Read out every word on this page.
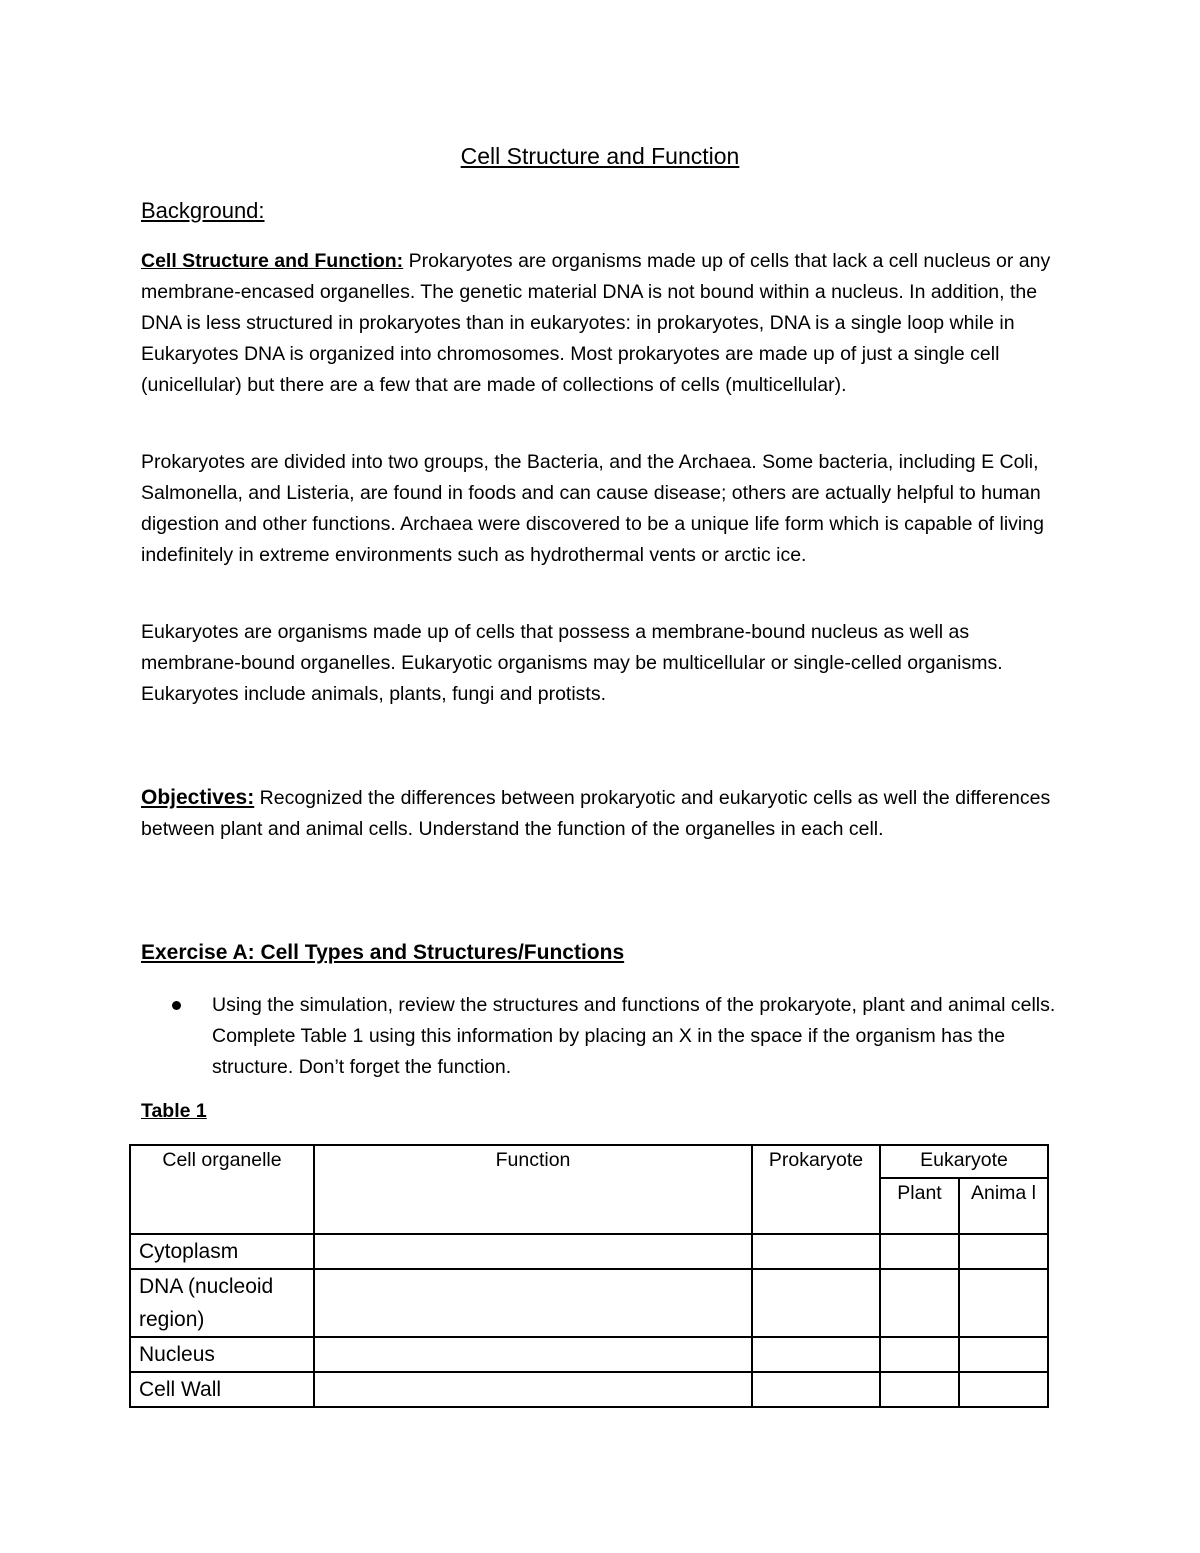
Cell Structure and Function
Background:

Cell Structure and Function: Prokaryotes are organisms made up of cells that lack a cell nucleus or any membrane-encased organelles. The genetic material DNA is not bound within a nucleus. In addition, the DNA is less structured in prokaryotes than in eukaryotes: in prokaryotes, DNA is a single loop while in Eukaryotes DNA is organized into chromosomes. Most prokaryotes are made up of just a single cell (unicellular) but there are a few that are made of collections of cells (multicellular).

Prokaryotes are divided into two groups, the Bacteria, and the Archaea. Some bacteria, including E Coli, Salmonella, and Listeria, are found in foods and can cause disease; others are actually helpful to human digestion and other functions. Archaea were discovered to be a unique life form which is capable of living indefinitely in extreme environments such as hydrothermal vents or arctic ice.

Eukaryotes are organisms made up of cells that possess a membrane-bound nucleus as well as membrane-bound organelles. Eukaryotic organisms may be multicellular or single-celled organisms. Eukaryotes include animals, plants, fungi and protists.

Objectives: Recognized the differences between prokaryotic and eukaryotic cells as well the differences between plant and animal cells. Understand the function of the organelles in each cell.

Exercise A: Cell Types and Structures/Functions
Using the simulation, review the structures and functions of the prokaryote, plant and animal cells. Complete Table 1 using this information by placing an X in the space if the organism has the structure. Don’t forget the function.
Table 1
Cell organelle	Function	Prokaryote	Eukaryote	
			Plant	Anima l
Cytoplasm				
DNA (nucleoid region)				
Nucleus				
Cell Wall				
